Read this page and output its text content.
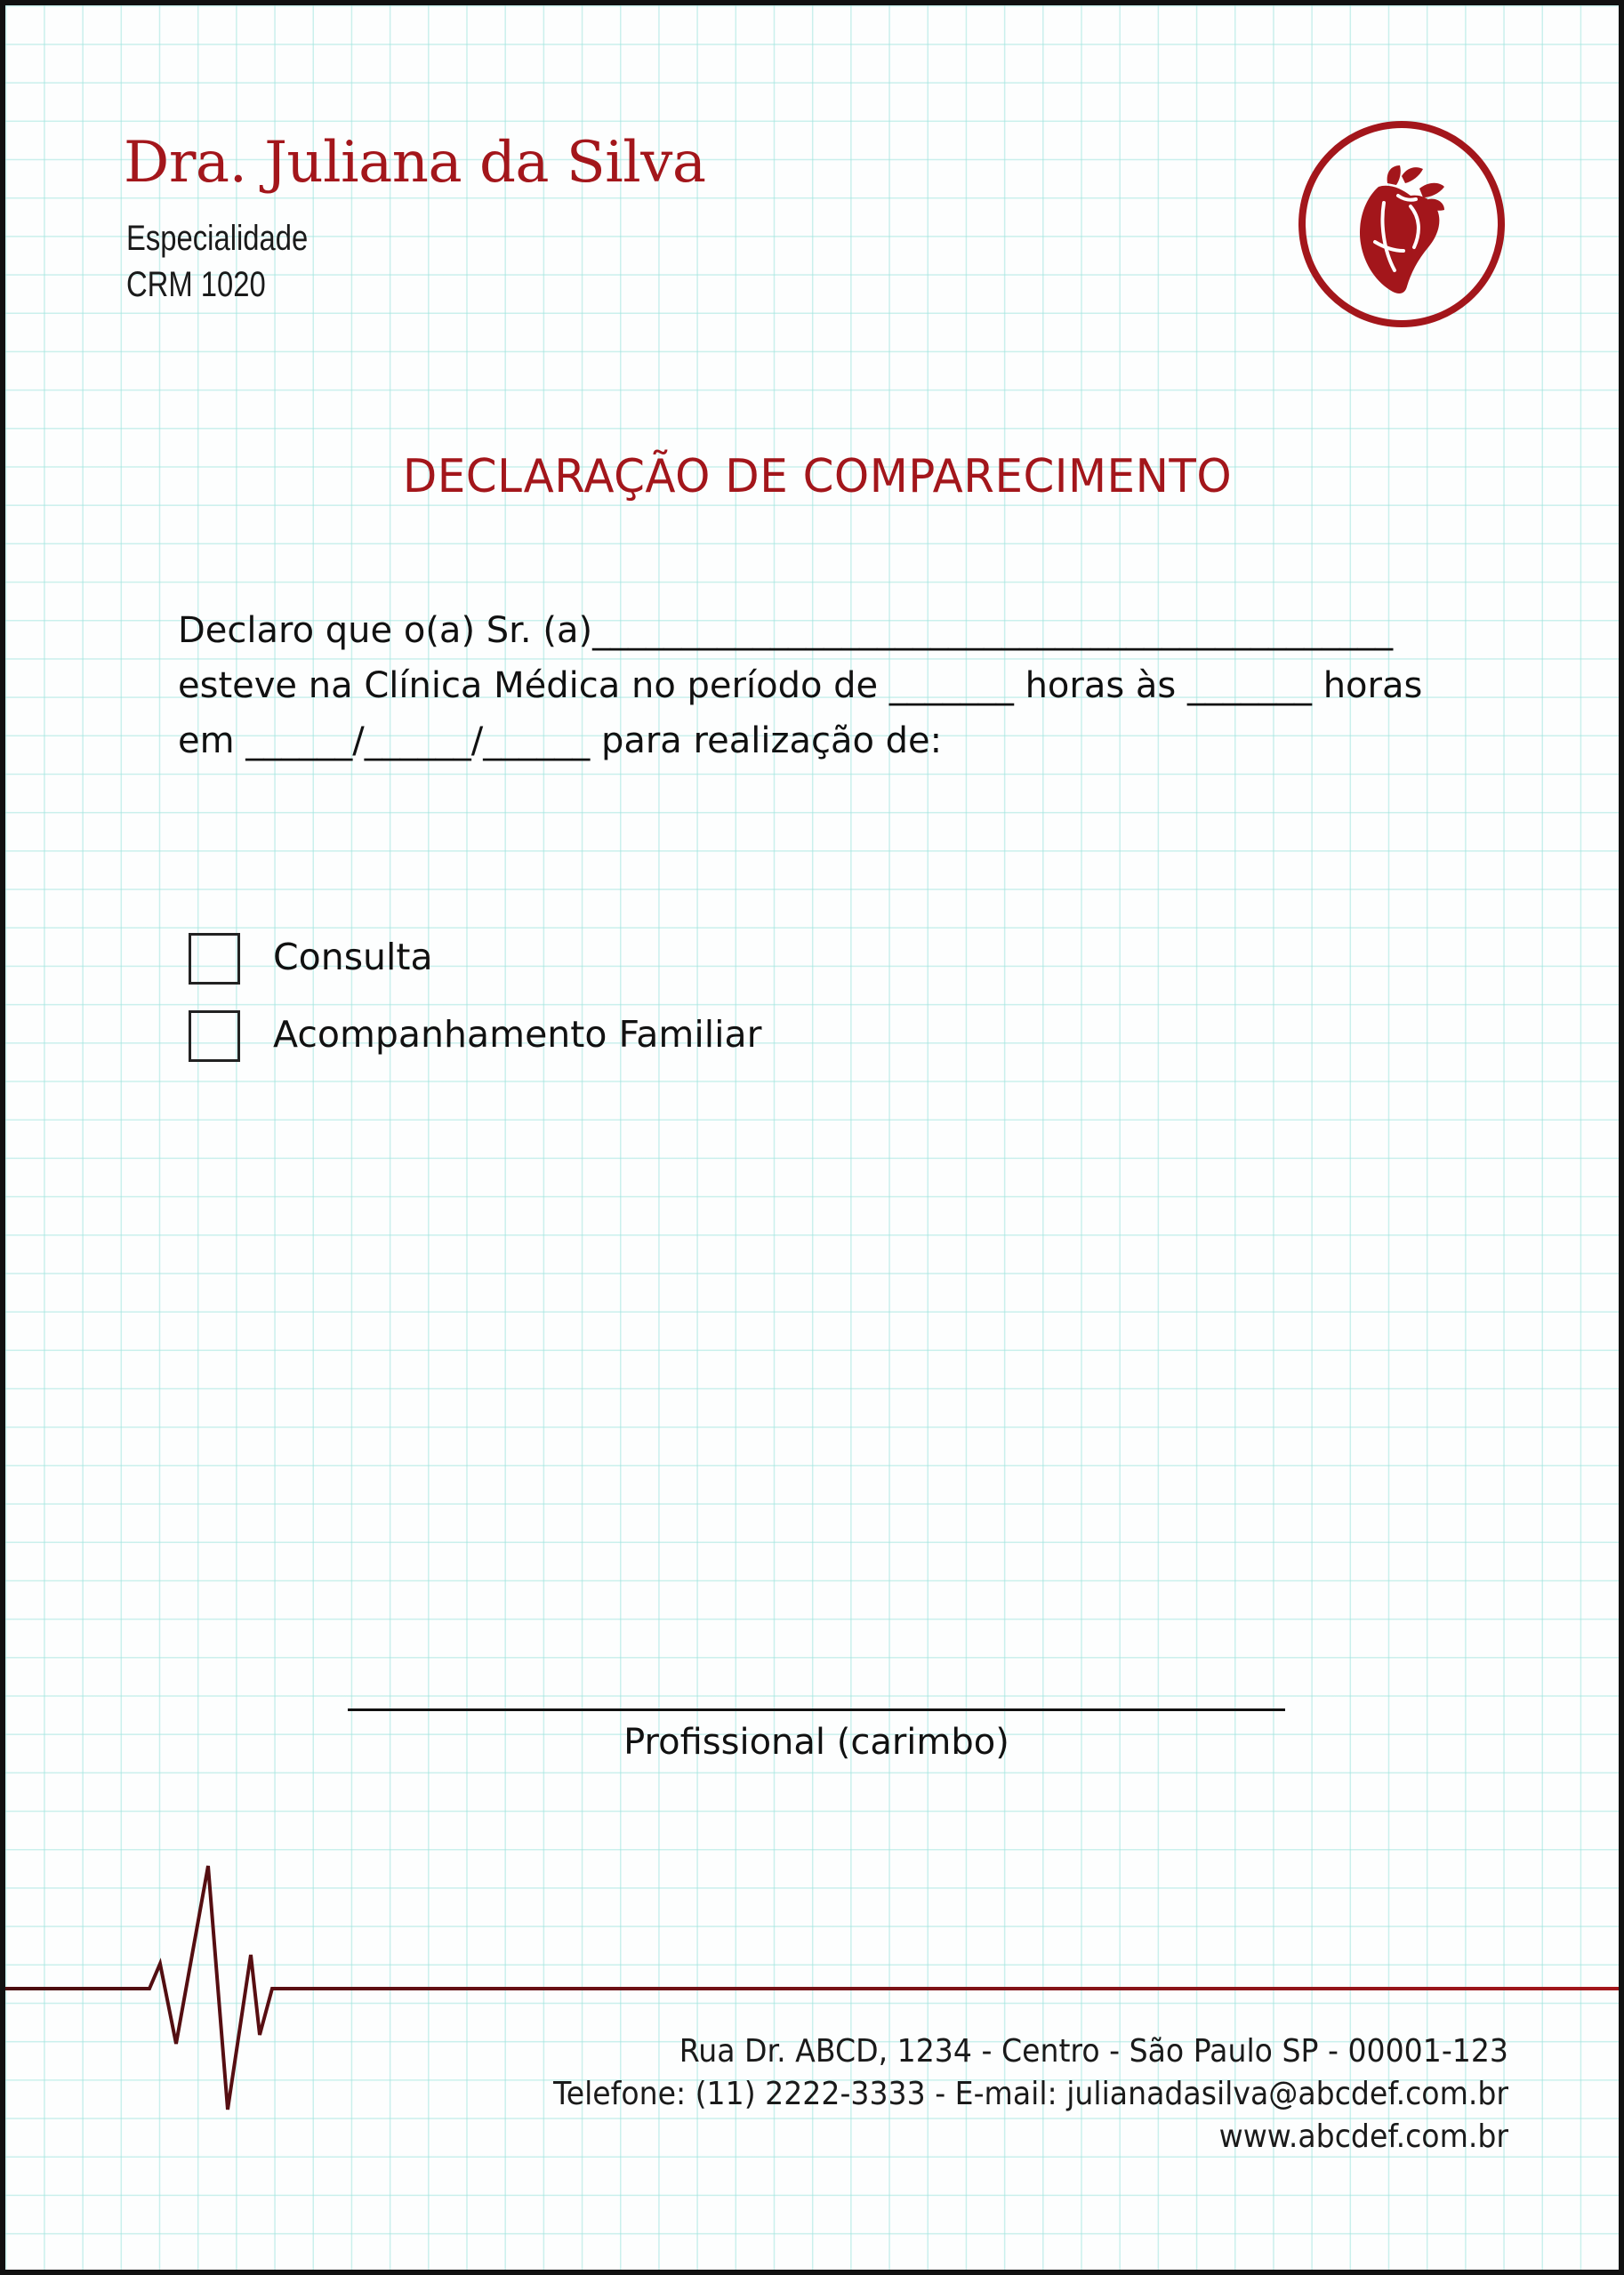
Dra. Juliana da Silva
Especialidade
CRM 1020
DECLARAÇÃO DE COMPARECIMENTO
Declaro que o(a) Sr. (a)_____________________________________________
esteve na Clínica Médica no período de _______ horas às _______ horas
em ______/______/______ para realização de:
Consulta
Acompanhamento Familiar
Profissional (carimbo)
Rua Dr. ABCD, 1234 - Centro - São Paulo SP - 00001-123
Telefone: (11) 2222-3333 - E-mail: julianadasilva@abcdef.com.br
www.abcdef.com.br
